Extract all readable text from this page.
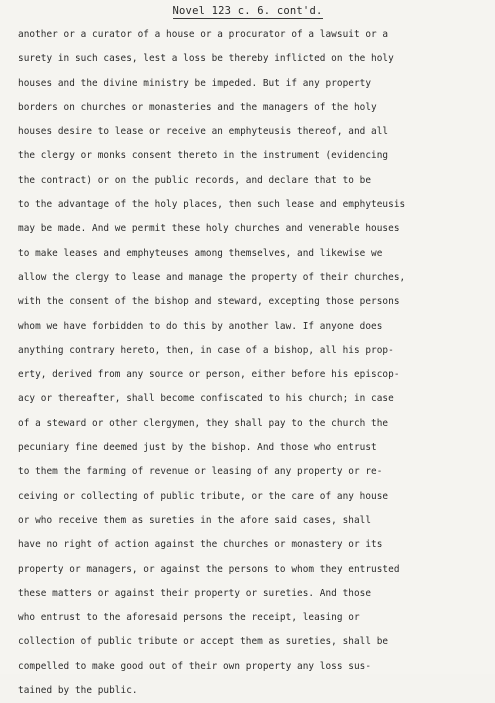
Novel 123 c. 6. cont'd.
another or a curator of a house or a procurator of a lawsuit or a
surety in such cases, lest a loss be thereby inflicted on the holy
houses and the divine ministry be impeded. But if any property
borders on churches or monasteries and the managers of the holy
houses desire to lease or receive an emphyteusis thereof, and all
the clergy or monks consent thereto in the instrument (evidencing
the contract) or on the public records, and declare that to be
to the advantage of the holy places, then such lease and emphyteusis
may be made. And we permit these holy churches and venerable houses
to make leases and emphyteuses among themselves, and likewise we
allow the clergy to lease and manage the property of their churches,
with the consent of the bishop and steward, excepting those persons
whom we have forbidden to do this by another law. If anyone does
anything contrary hereto, then, in case of a bishop, all his prop-
erty, derived from any source or person, either before his episcop-
acy or thereafter, shall become confiscated to his church; in case
of a steward or other clergymen, they shall pay to the church the
pecuniary fine deemed just by the bishop. And those who entrust
to them the farming of revenue or leasing of any property or re-
ceiving or collecting of public tribute, or the care of any house
or who receive them as sureties in the afore said cases, shall
have no right of action against the churches or monastery or its
property or managers, or against the persons to whom they entrusted
these matters or against their property or sureties. And those
who entrust to the aforesaid persons the receipt, leasing or
collection of public tribute or accept them as sureties, shall be
compelled to make good out of their own property any loss sus-
tained by the public.
